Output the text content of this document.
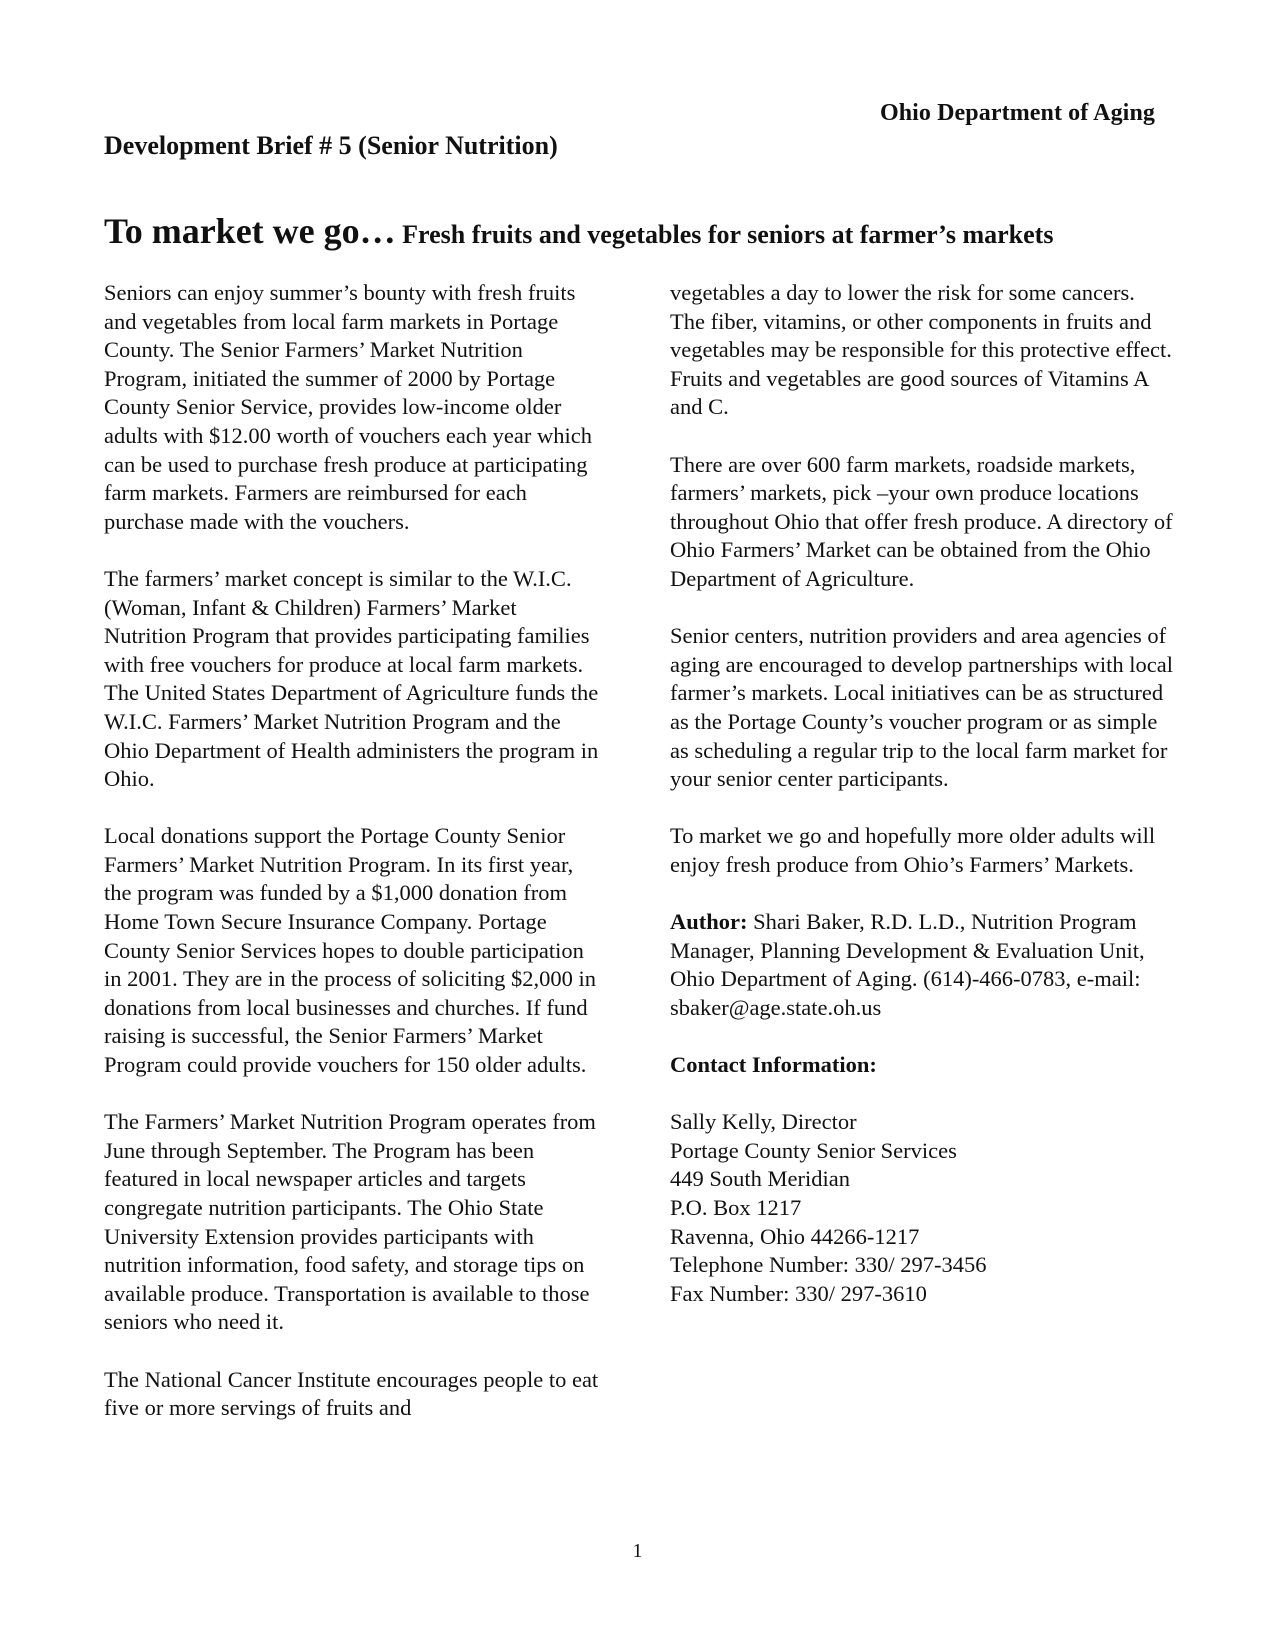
Ohio Department of Aging
Development Brief # 5 (Senior Nutrition)
To market we go… Fresh fruits and vegetables for seniors at farmer’s markets

Seniors can enjoy summer’s bounty with fresh fruits and vegetables from local farm markets in Portage County. The Senior Farmers’ Market Nutrition Program, initiated the summer of 2000 by Portage County Senior Service, provides low-income older adults with $12.00 worth of vouchers each year which can be used to purchase fresh produce at participating farm markets. Farmers are reimbursed for each purchase made with the vouchers.

The farmers’ market concept is similar to the W.I.C. (Woman, Infant & Children) Farmers’ Market Nutrition Program that provides participating families with free vouchers for produce at local farm markets. The United States Department of Agriculture funds the W.I.C. Farmers’ Market Nutrition Program and the Ohio Department of Health administers the program in Ohio.

Local donations support the Portage County Senior Farmers’ Market Nutrition Program. In its first year, the program was funded by a $1,000 donation from Home Town Secure Insurance Company. Portage County Senior Services hopes to double participation in 2001. They are in the process of soliciting $2,000 in donations from local businesses and churches. If fund raising is successful, the Senior Farmers’ Market Program could provide vouchers for 150 older adults.

The Farmers’ Market Nutrition Program operates from June through September. The Program has been featured in local newspaper articles and targets congregate nutrition participants. The Ohio State University Extension provides participants with nutrition information, food safety, and storage tips on available produce. Transportation is available to those seniors who need it.

The National Cancer Institute encourages people to eat five or more servings of fruits and

vegetables a day to lower the risk for some cancers. The fiber, vitamins, or other components in fruits and vegetables may be responsible for this protective effect. Fruits and vegetables are good sources of Vitamins A and C.

There are over 600 farm markets, roadside markets, farmers’ markets, pick –your own produce locations throughout Ohio that offer fresh produce. A directory of Ohio Farmers’ Market can be obtained from the Ohio Department of Agriculture.

Senior centers, nutrition providers and area agencies of aging are encouraged to develop partnerships with local farmer’s markets. Local initiatives can be as structured as the Portage County’s voucher program or as simple as scheduling a regular trip to the local farm market for your senior center participants.

To market we go and hopefully more older adults will enjoy fresh produce from Ohio’s Farmers’ Markets.

Author: Shari Baker, R.D. L.D., Nutrition Program Manager, Planning Development & Evaluation Unit, Ohio Department of Aging. (614)-466-0783, e-mail: sbaker@age.state.oh.us

Contact Information:
Sally Kelly, Director
Portage County Senior Services
449 South Meridian
P.O. Box 1217
Ravenna, Ohio 44266-1217
Telephone Number: 330/ 297-3456
Fax Number: 330/ 297-3610
1
